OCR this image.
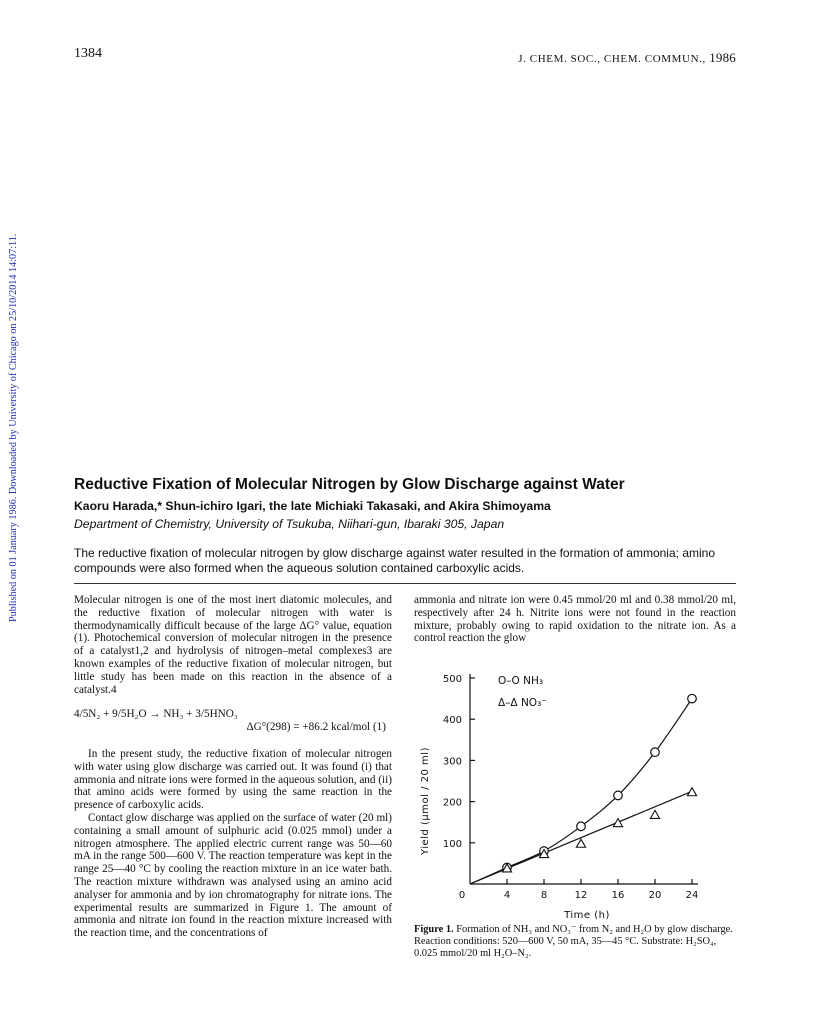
1384	J. CHEM. SOC., CHEM. COMMUN., 1986
Published on 01 January 1986. Downloaded by University of Chicago on 25/10/2014 14:07:11.	Reductive Fixation of Molecular Nitrogen by Glow Discharge against Water
Kaoru Harada,* Shun-ichiro Igari, the late Michiaki Takasaki, and Akira Shimoyama
Department of Chemistry, University of Tsukuba, Niihari-gun, Ibaraki 305, Japan
The reductive fixation of molecular nitrogen by glow discharge against water resulted in the formation of ammonia; amino compounds were also formed when the aqueous solution contained carboxylic acids.

Molecular nitrogen is one of the most inert diatomic molecules, and the reductive fixation of molecular nitrogen with water is thermodynamically difficult because of the large ΔG° value, equation (1). Photochemical conversion of molecular nitrogen in the presence of a catalyst1,2 and hydrolysis of nitrogen–metal complexes3 are known examples of the reductive fixation of molecular nitrogen, but little study has been made on this reaction in the absence of a catalyst.4

4/5N₂ + 9/5H₂O → NH₃ + 3/5HNO₃
ΔG°(298) = +86.2 kcal/mol (1)

In the present study, the reductive fixation of molecular nitrogen with water using glow discharge was carried out. It was found (i) that ammonia and nitrate ions were formed in the aqueous solution, and (ii) that amino acids were formed by using the same reaction in the presence of carboxylic acids.

Contact glow discharge was applied on the surface of water (20 ml) containing a small amount of sulphuric acid (0.025 mmol) under a nitrogen atmosphere. The applied electric current range was 50—60 mA in the range 500—600 V. The reaction temperature was kept in the range 25—40 °C by cooling the reaction mixture in an ice water bath. The reaction mixture withdrawn was analysed using an amino acid analyser for ammonia and by ion chromatography for nitrate ions. The experimental results are summarized in Figure 1. The amount of ammonia and nitrate ion found in the reaction mixture increased with the reaction time, and the concentrations of

ammonia and nitrate ion were 0.45 mmol/20 ml and 0.38 mmol/20 ml, respectively after 24 h. Nitrite ions were not found in the reaction mixture, probably owing to rapid oxidation to the nitrate ion. As a control reaction the glow

100
200
300
400
500
0	4	8	12 16 20 24
Time (h)
Yield (µmol / 20 ml)
O–O NH₃
Δ–Δ NO₃⁻
Figure 1. Formation of NH₃ and NO₃⁻ from N₂ and H₂O by glow discharge. Reaction conditions: 520—600 V, 50 mA, 35—45 °C. Substrate: H₂SO₄, 0.025 mmol/20 ml H₂O–N₂.
